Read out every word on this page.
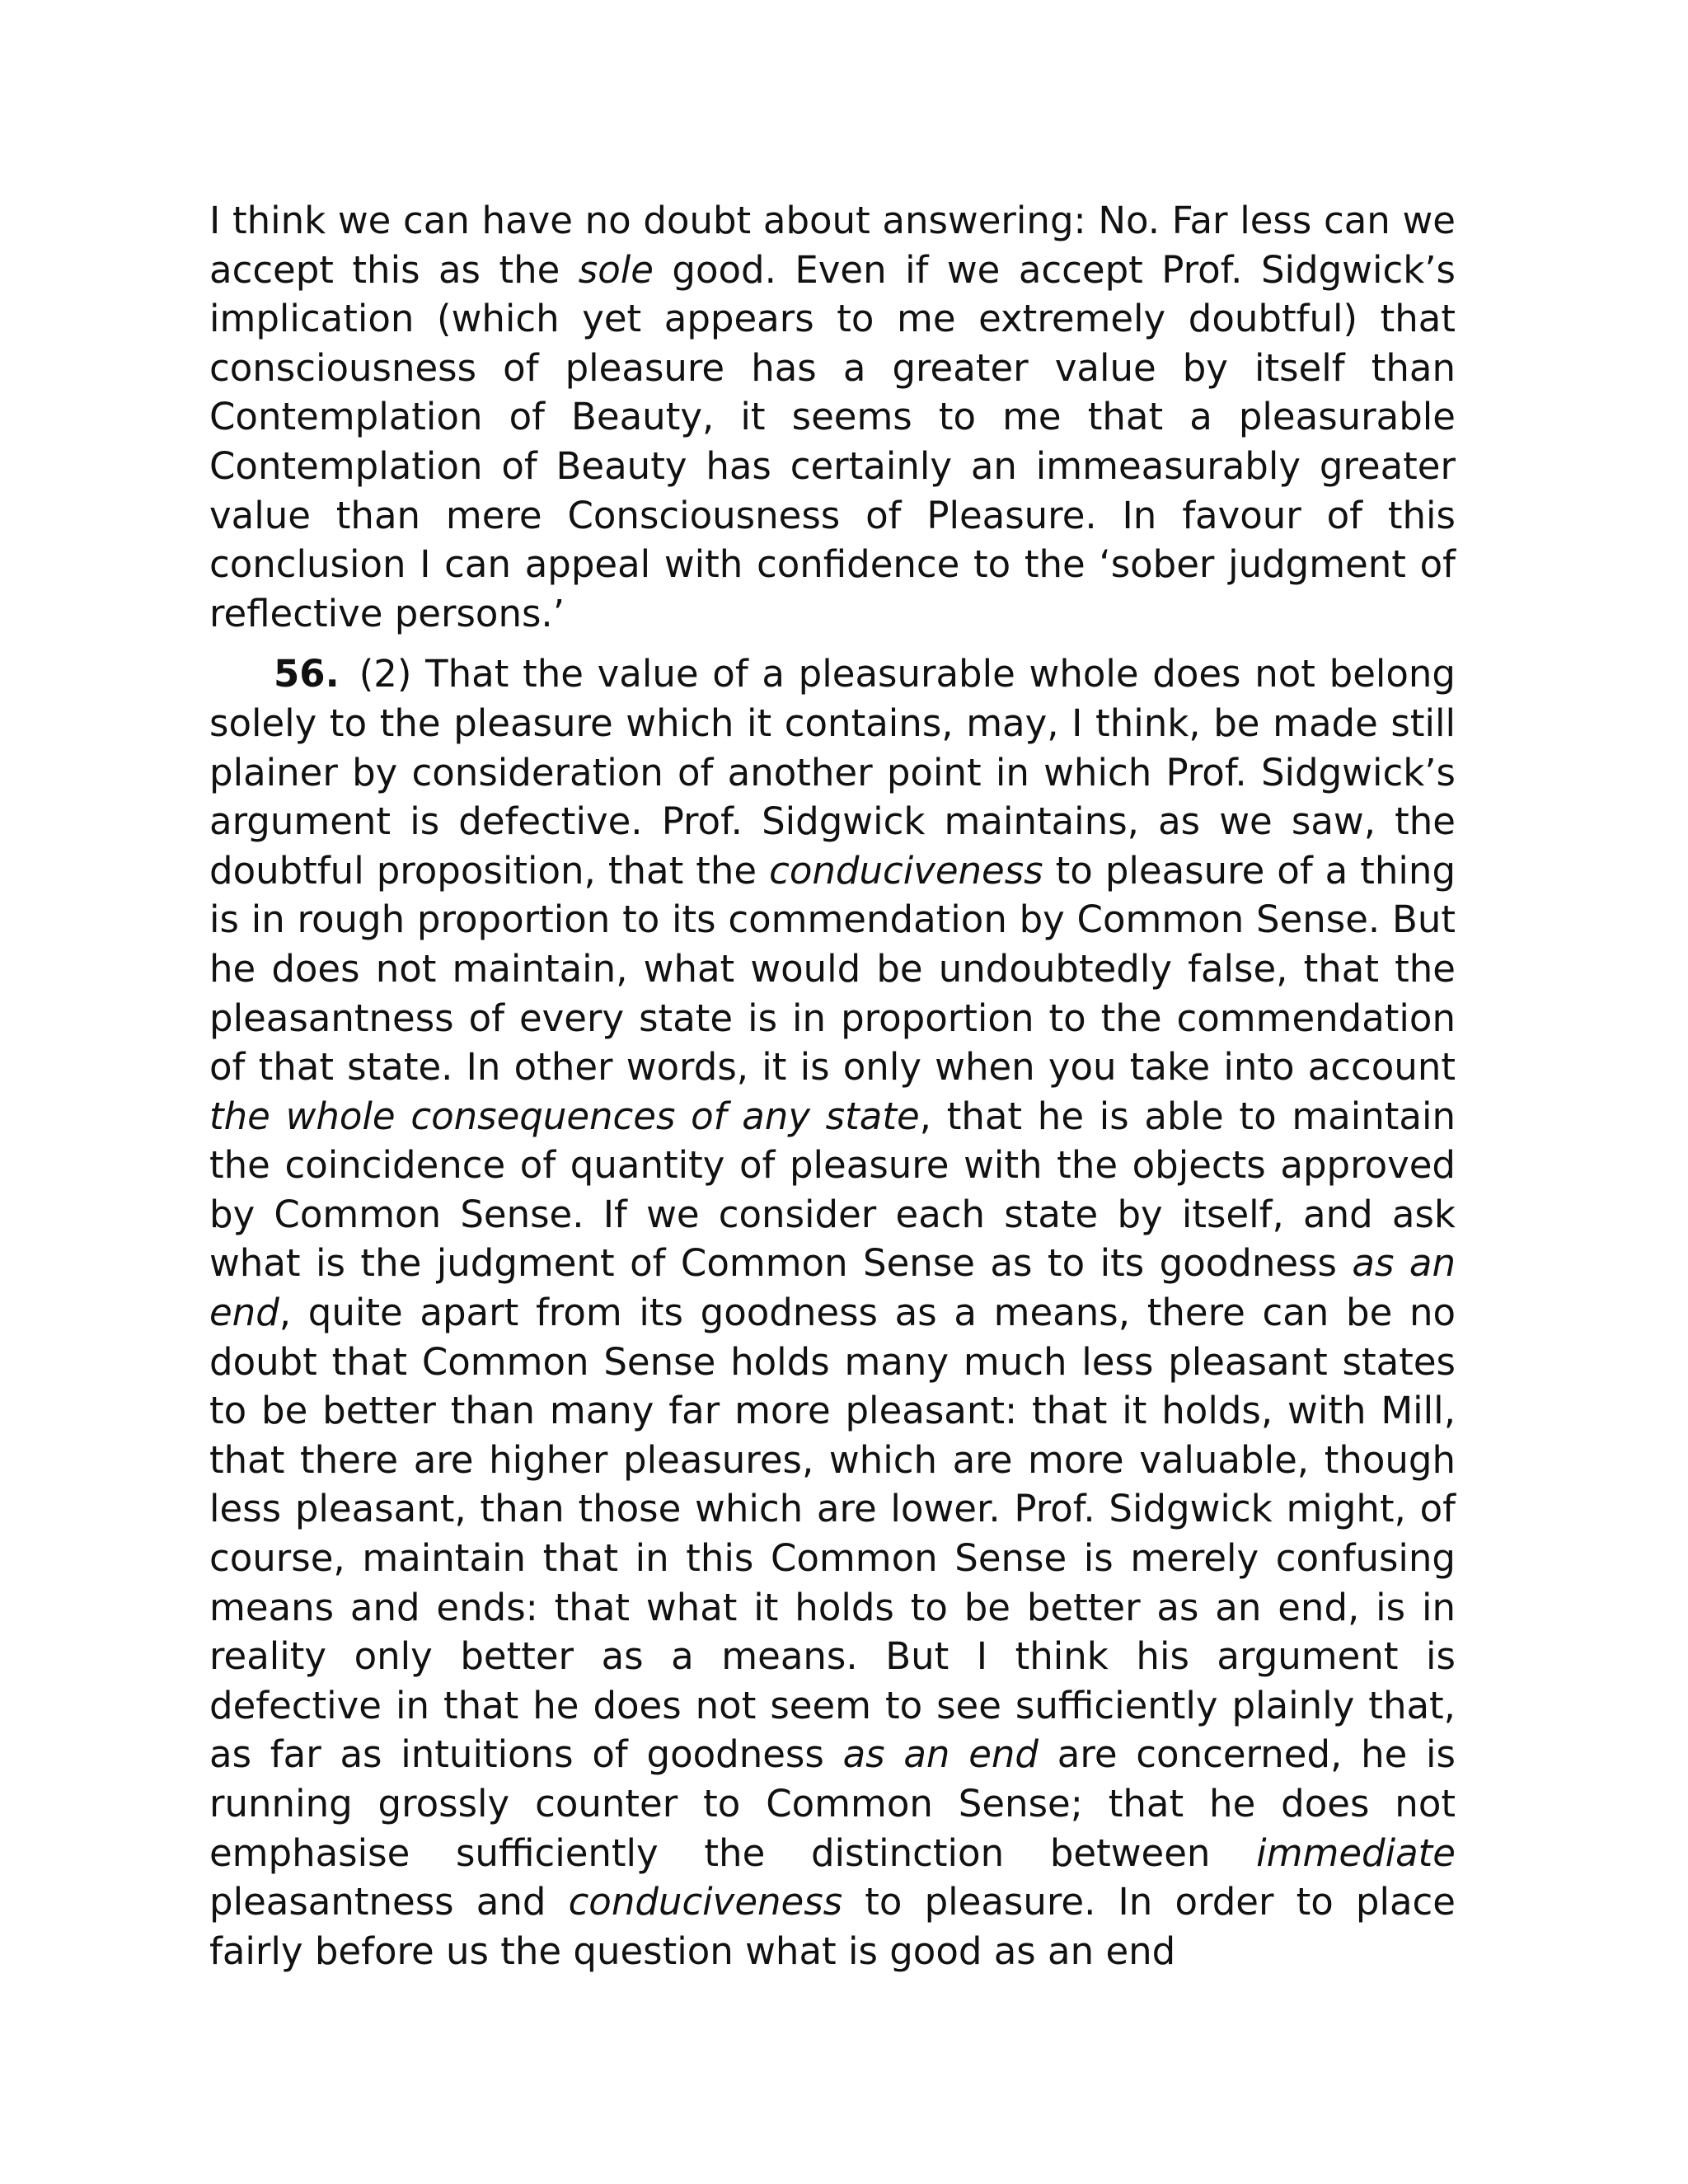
I think we can have no doubt about answering: No. Far less can we accept this as the sole good. Even if we accept Prof. Sidgwick’s implication (which yet appears to me extremely doubtful) that consciousness of pleasure has a greater value by itself than Contemplation of Beauty, it seems to me that a pleasurable Contemplation of Beauty has certainly an immeasurably greater value than mere Consciousness of Pleasure. In favour of this conclusion I can appeal with confidence to the ‘sober judgment of reflective persons.’

56. (2) That the value of a pleasurable whole does not belong solely to the pleasure which it contains, may, I think, be made still plainer by consideration of another point in which Prof. Sidgwick’s argument is defective. Prof. Sidgwick maintains, as we saw, the doubtful proposition, that the conduciveness to pleasure of a thing is in rough proportion to its commendation by Common Sense. But he does not maintain, what would be undoubtedly false, that the pleasantness of every state is in proportion to the commendation of that state. In other words, it is only when you take into account the whole consequences of any state, that he is able to maintain the coincidence of quantity of pleasure with the objects approved by Common Sense. If we consider each state by itself, and ask what is the judgment of Common Sense as to its goodness as an end, quite apart from its goodness as a means, there can be no doubt that Common Sense holds many much less pleasant states to be better than many far more pleasant: that it holds, with Mill, that there are higher pleasures, which are more valuable, though less pleasant, than those which are lower. Prof. Sidgwick might, of course, maintain that in this Common Sense is merely confusing means and ends: that what it holds to be better as an end, is in reality only better as a means. But I think his argument is defective in that he does not seem to see sufficiently plainly that, as far as intuitions of goodness as an end are concerned, he is running grossly counter to Common Sense; that he does not emphasise sufficiently the distinction between immediate pleasantness and conduciveness to pleasure. In order to place fairly before us the question what is good as an end
